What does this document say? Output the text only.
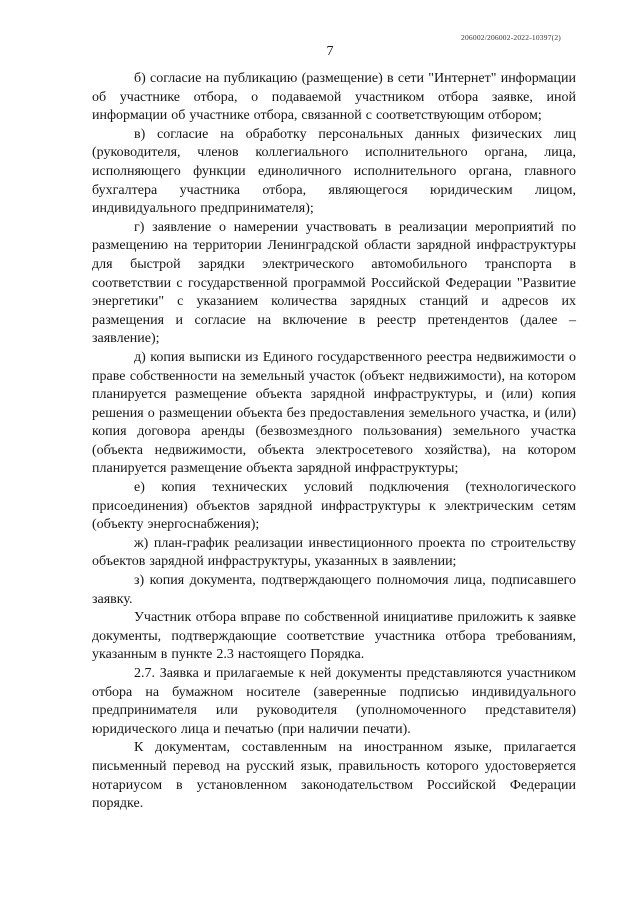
206002/206002-2022-10397(2)
7

б) согласие на публикацию (размещение) в сети "Интернет" информации об участнике отбора, о подаваемой участником отбора заявке, иной информации об участнике отбора, связанной с соответствующим отбором;

в) согласие на обработку персональных данных физических лиц (руководителя, членов коллегиального исполнительного органа, лица, исполняющего функции единоличного исполнительного органа, главного бухгалтера участника отбора, являющегося юридическим лицом, индивидуального предпринимателя);

г) заявление о намерении участвовать в реализации мероприятий по размещению на территории Ленинградской области зарядной инфраструктуры для быстрой зарядки электрического автомобильного транспорта в соответствии с государственной программой Российской Федерации "Развитие энергетики" с указанием количества зарядных станций и адресов их размещения и согласие на включение в реестр претендентов (далее – заявление);

д) копия выписки из Единого государственного реестра недвижимости о праве собственности на земельный участок (объект недвижимости), на котором планируется размещение объекта зарядной инфраструктуры, и (или) копия решения о размещении объекта без предоставления земельного участка, и (или) копия договора аренды (безвозмездного пользования) земельного участка (объекта недвижимости, объекта электросетевого хозяйства), на котором планируется размещение объекта зарядной инфраструктуры;

е) копия технических условий подключения (технологического присоединения) объектов зарядной инфраструктуры к электрическим сетям (объекту энергоснабжения);

ж) план-график реализации инвестиционного проекта по строительству объектов зарядной инфраструктуры, указанных в заявлении;

з) копия документа, подтверждающего полномочия лица, подписавшего заявку.

Участник отбора вправе по собственной инициативе приложить к заявке документы, подтверждающие соответствие участника отбора требованиям, указанным в пункте 2.3 настоящего Порядка.

2.7. Заявка и прилагаемые к ней документы представляются участником отбора на бумажном носителе (заверенные подписью индивидуального предпринимателя или руководителя (уполномоченного представителя) юридического лица и печатью (при наличии печати).

К документам, составленным на иностранном языке, прилагается письменный перевод на русский язык, правильность которого удостоверяется нотариусом в установленном законодательством Российской Федерации порядке.
